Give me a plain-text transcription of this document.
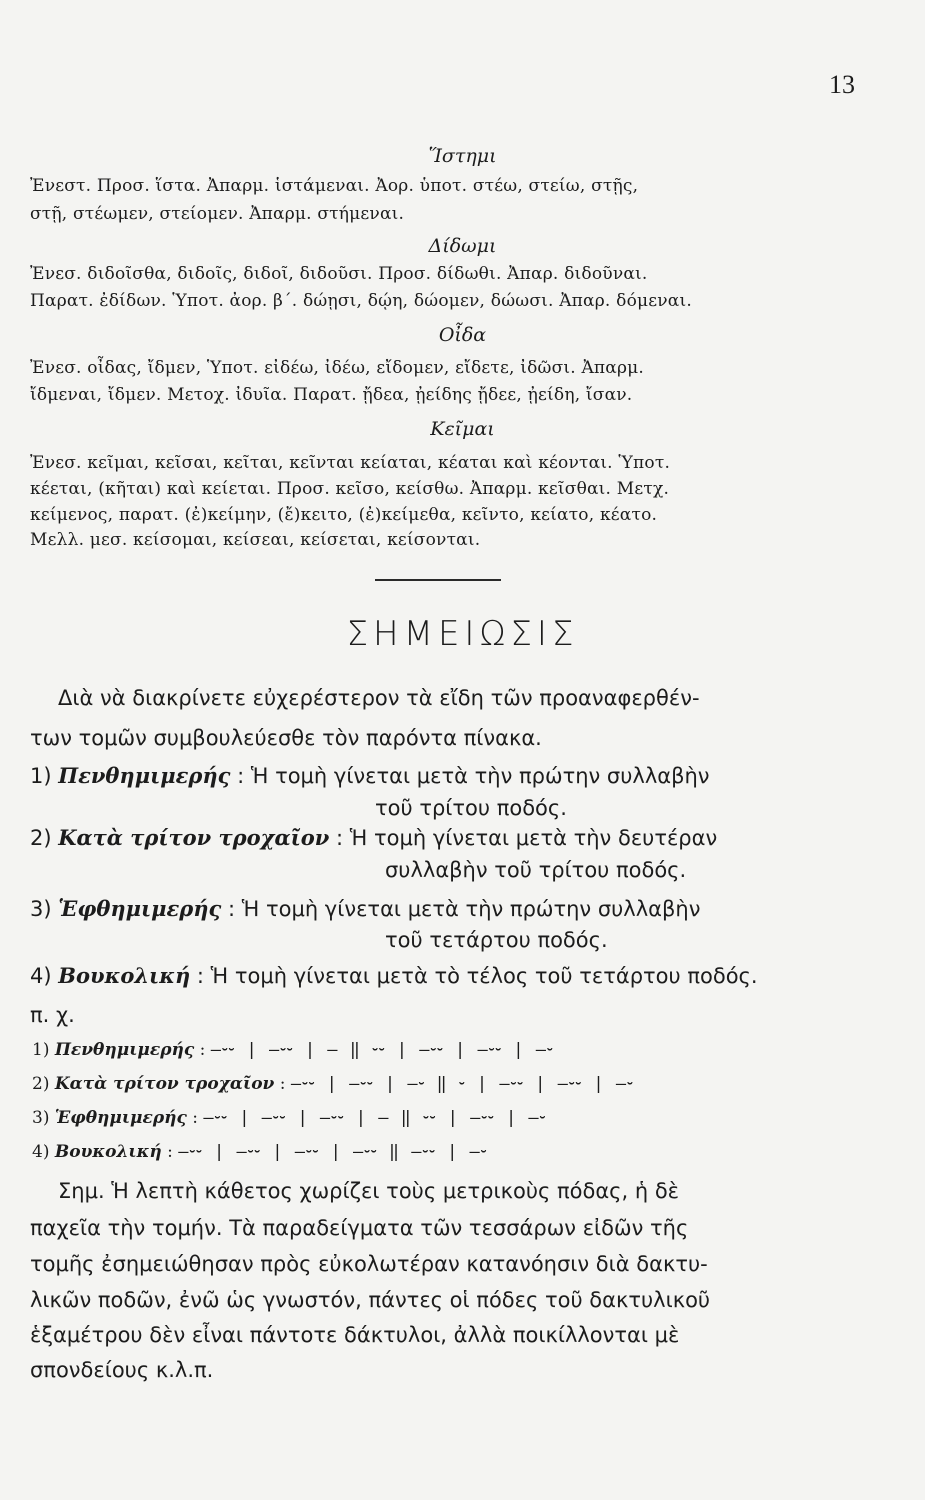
13
Ἵστημι
Ἐνεστ. Προσ. ἵστα. Ἀπαρμ. ἱστάμεναι. Ἀορ. ὑποτ. στέω, στείω, στῇς,
στῇ, στέωμεν, στείομεν. Ἀπαρμ. στήμεναι.
Δίδωμι
Ἐνεσ. διδοῖσθα, διδοῖς, διδοῖ, διδοῦσι. Προσ. δίδωθι. Ἀπαρ. διδοῦναι.
Παρατ. ἐδίδων. Ὑποτ. ἀορ. β΄. δώῃσι, δῴη, δώομεν, δώωσι. Ἀπαρ. δόμεναι.
Οἶδα
Ἐνεσ. οἶδας, ἴδμεν, Ὑποτ. εἰδέω, ἰδέω, εἴδομεν, εἴδετε, ἰδῶσι. Ἀπαρμ.
ἴδμεναι, ἴδμεν. Μετοχ. ἰδυῖα. Παρατ. ᾔδεα, ᾐείδης ᾔδεε, ᾐείδη, ἴσαν.
Κεῖμαι
Ἐνεσ. κεῖμαι, κεῖσαι, κεῖται, κεῖνται κείαται, κέαται καὶ κέονται. Ὑποτ.
κέεται, (κῆται) καὶ κείεται. Προσ. κεῖσο, κείσθω. Ἀπαρμ. κεῖσθαι. Μετχ.
κείμενος, παρατ. (ἐ)κείμην, (ἔ)κειτο, (ἐ)κείμεθα, κεῖντο, κείατο, κέατο.
Μελλ. μεσ. κείσομαι, κείσεαι, κείσεται, κείσονται.
ΣΗΜΕΙΩΣΙΣ
Διὰ νὰ διακρίνετε εὐχερέστερον τὰ εἴδη τῶν προαναφερθέν-
των τομῶν συμβουλεύεσθε τὸν παρόντα πίνακα.
1) Πενθημιμερής : Ἡ τομὴ γίνεται μετὰ τὴν πρώτην συλλαβὴν
τοῦ τρίτου ποδός.
2) Κατὰ τρίτον τροχαῖον : Ἡ τομὴ γίνεται μετὰ τὴν δευτέραν
συλλαβὴν τοῦ τρίτου ποδός.
3) Ἑφθημιμερής : Ἡ τομὴ γίνεται μετὰ τὴν πρώτην συλλαβὴν
τοῦ τετάρτου ποδός.
4) Βουκολική : Ἡ τομὴ γίνεται μετὰ τὸ τέλος τοῦ τετάρτου ποδός.
π. χ.
1) Πενθημιμερής : —⏑⏑ | —⏑⏑ | — ‖ ⏑⏑ | —⏑⏑ | —⏑⏑ | —⏑
2) Κατὰ τρίτον τροχαῖον : —⏑⏑ | —⏑⏑ | —⏑ ‖ ⏑ | —⏑⏑ | —⏑⏑ | —⏑
3) Ἑφθημιμερής : —⏑⏑ | —⏑⏑ | —⏑⏑ | — ‖ ⏑⏑ | —⏑⏑ | —⏑
4) Βουκολική : —⏑⏑ | —⏑⏑ | —⏑⏑ | —⏑⏑ ‖ —⏑⏑ | —⏑
Σημ. Ἡ λεπτὴ κάθετος χωρίζει τοὺς μετρικοὺς πόδας, ἡ δὲ
παχεῖα τὴν τομήν. Τὰ παραδείγματα τῶν τεσσάρων εἰδῶν τῆς
τομῆς ἐσημειώθησαν πρὸς εὐκολωτέραν κατανόησιν διὰ δακτυ-
λικῶν ποδῶν, ἐνῶ ὡς γνωστόν, πάντες οἱ πόδες τοῦ δακτυλικοῦ
ἑξαμέτρου δὲν εἶναι πάντοτε δάκτυλοι, ἀλλὰ ποικίλλονται μὲ
σπονδείους κ.λ.π.
